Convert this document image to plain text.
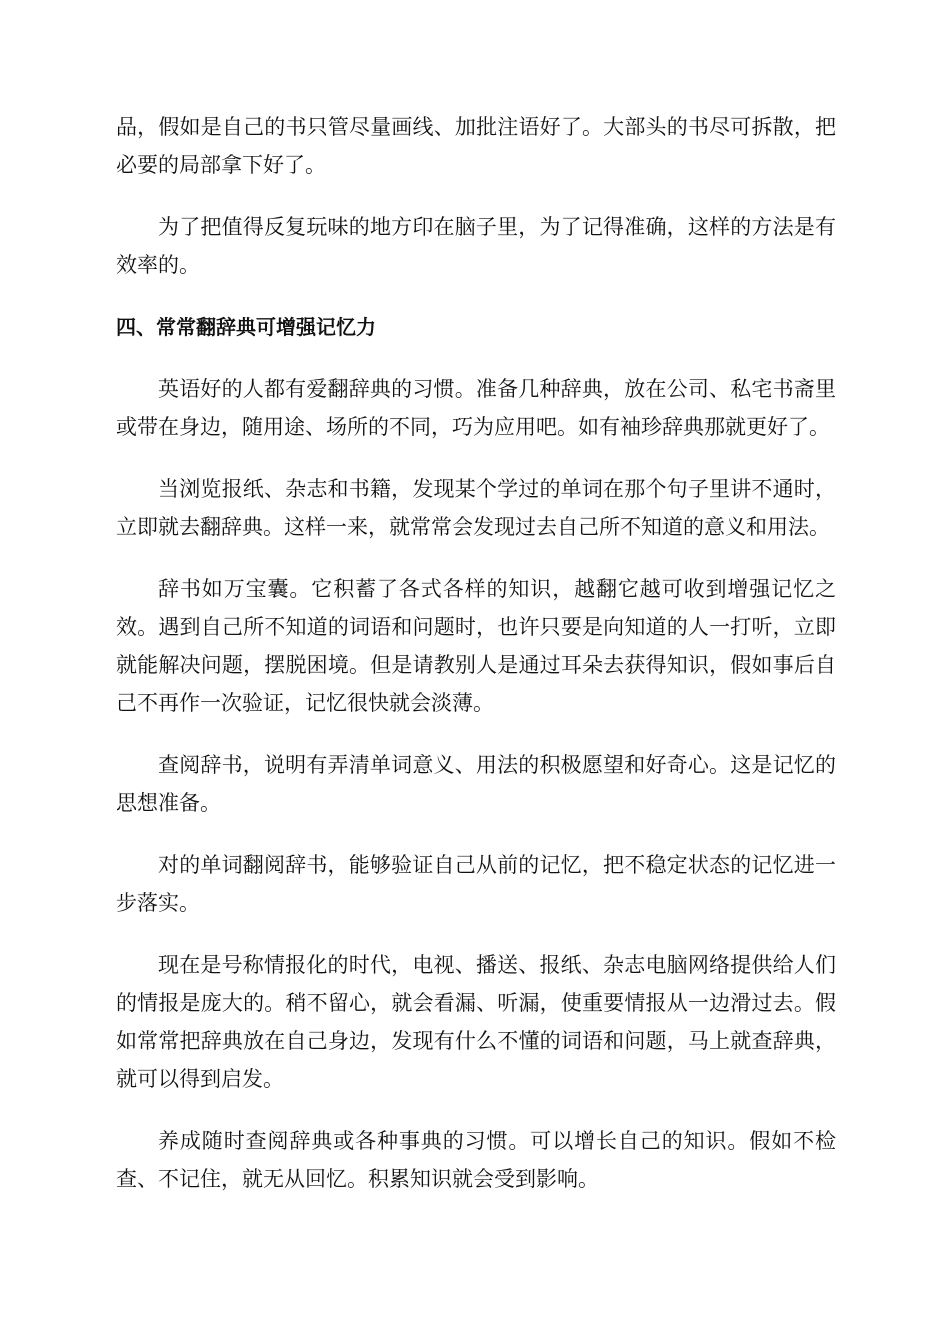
品，假如是自己的书只管尽量画线、加批注语好了。大部头的书尽可拆散，把必要的局部拿下好了。

为了把值得反复玩味的地方印在脑子里，为了记得准确，这样的方法是有效率的。

四、常常翻辞典可增强记忆力

英语好的人都有爱翻辞典的习惯。准备几种辞典，放在公司、私宅书斋里或带在身边，随用途、场所的不同，巧为应用吧。如有袖珍辞典那就更好了。

当浏览报纸、杂志和书籍，发现某个学过的单词在那个句子里讲不通时，立即就去翻辞典。这样一来，就常常会发现过去自己所不知道的意义和用法。

辞书如万宝囊。它积蓄了各式各样的知识，越翻它越可收到增强记忆之效。遇到自己所不知道的词语和问题时，也许只要是向知道的人一打听，立即就能解决问题，摆脱困境。但是请教别人是通过耳朵去获得知识，假如事后自己不再作一次验证，记忆很快就会淡薄。

查阅辞书，说明有弄清单词意义、用法的积极愿望和好奇心。这是记忆的思想准备。

对的单词翻阅辞书，能够验证自己从前的记忆，把不稳定状态的记忆进一步落实。

现在是号称情报化的时代，电视、播送、报纸、杂志电脑网络提供给人们的情报是庞大的。稍不留心，就会看漏、听漏，使重要情报从一边滑过去。假如常常把辞典放在自己身边，发现有什么不懂的词语和问题，马上就查辞典，就可以得到启发。

养成随时查阅辞典或各种事典的习惯。可以增长自己的知识。假如不检查、不记住，就无从回忆。积累知识就会受到影响。
